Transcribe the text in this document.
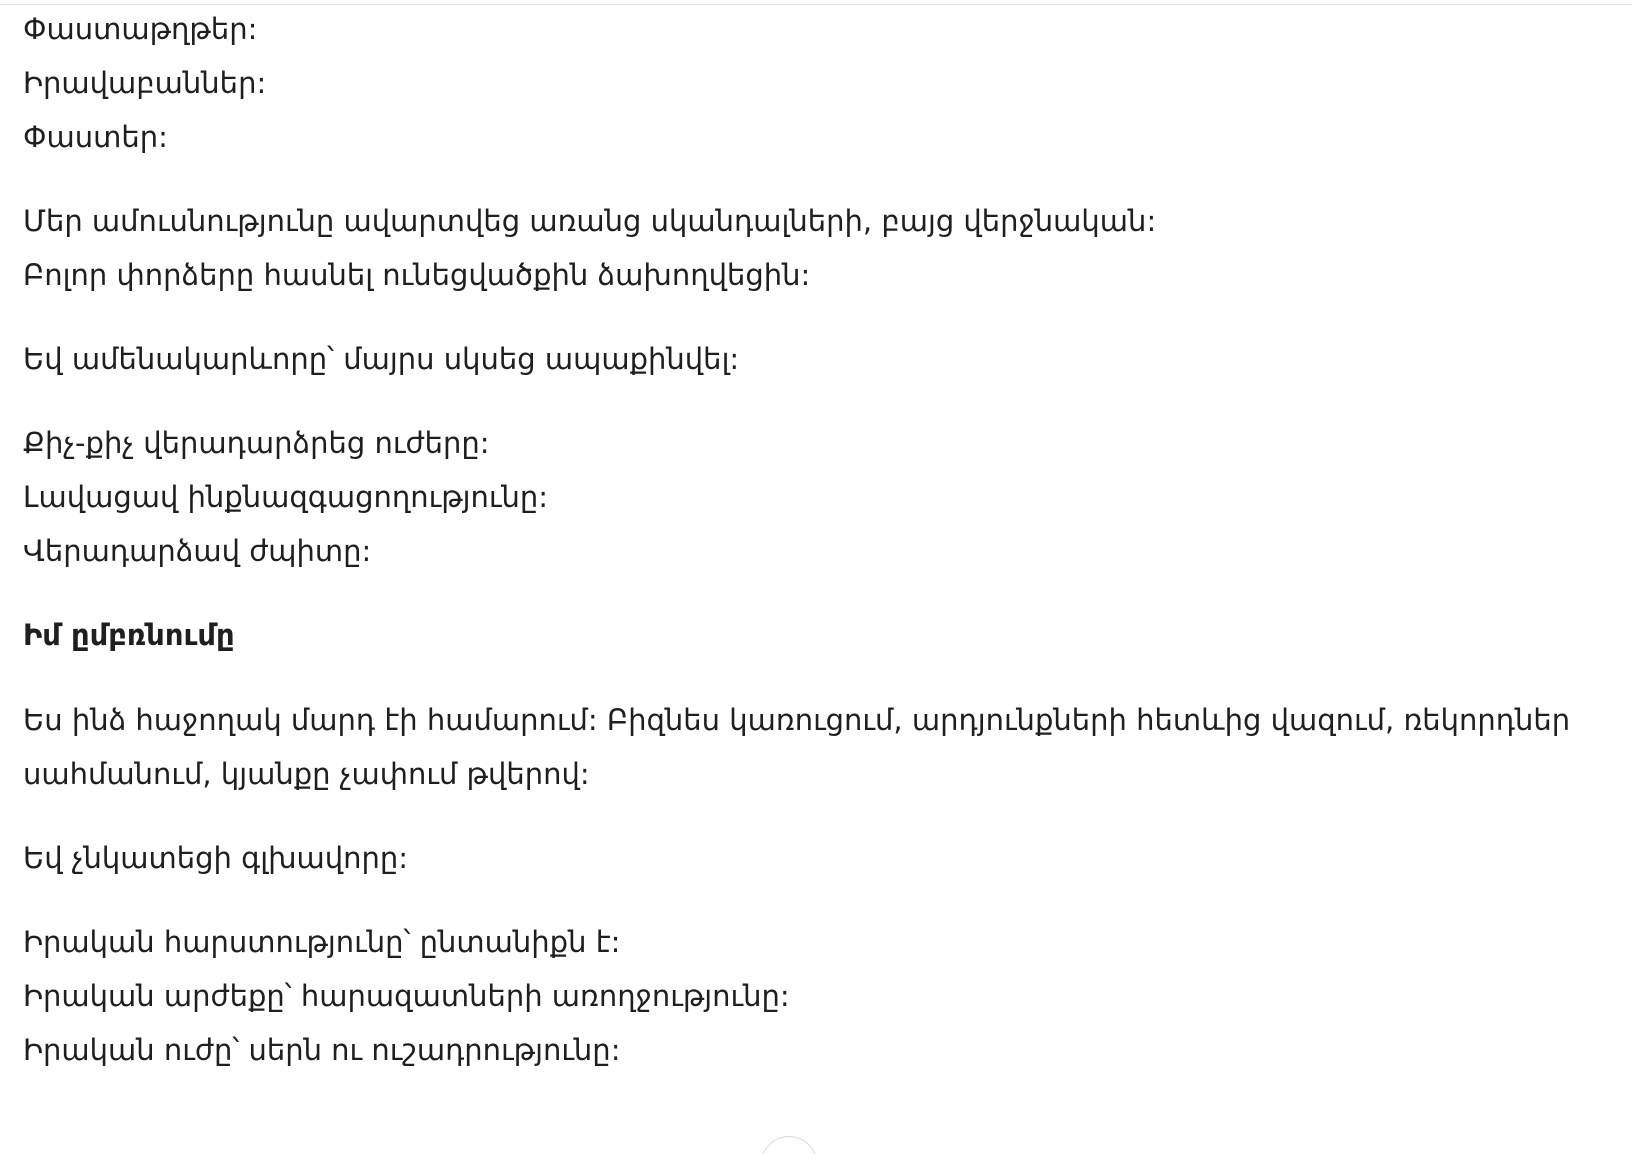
Փաստաթղթեր:
Իրավաբաններ:
Փաստեր:
Մեր ամուսնությունը ավարտվեց առանց սկանդալների, բայց վերջնական:
Բոլոր փորձերը հասնել ունեցվածքին ձախողվեցին:
Եվ ամենակարևորը՝ մայրս սկսեց ապաքինվել:
Քիչ-քիչ վերադարձրեց ուժերը:
Լավացավ ինքնազգացողությունը:
Վերադարձավ ժպիտը:
Իմ ըմբռնումը
Ես ինձ հաջողակ մարդ էի համարում: Բիզնես կառուցում, արդյունքների հետևից վազում, ռեկորդներ
սահմանում, կյանքը չափում թվերով:
Եվ չնկատեցի գլխավորը:
Իրական հարստությունը՝ ընտանիքն է:
Իրական արժեքը՝ հարազատների առողջությունը:
Իրական ուժը՝ սերն ու ուշադրությունը:
